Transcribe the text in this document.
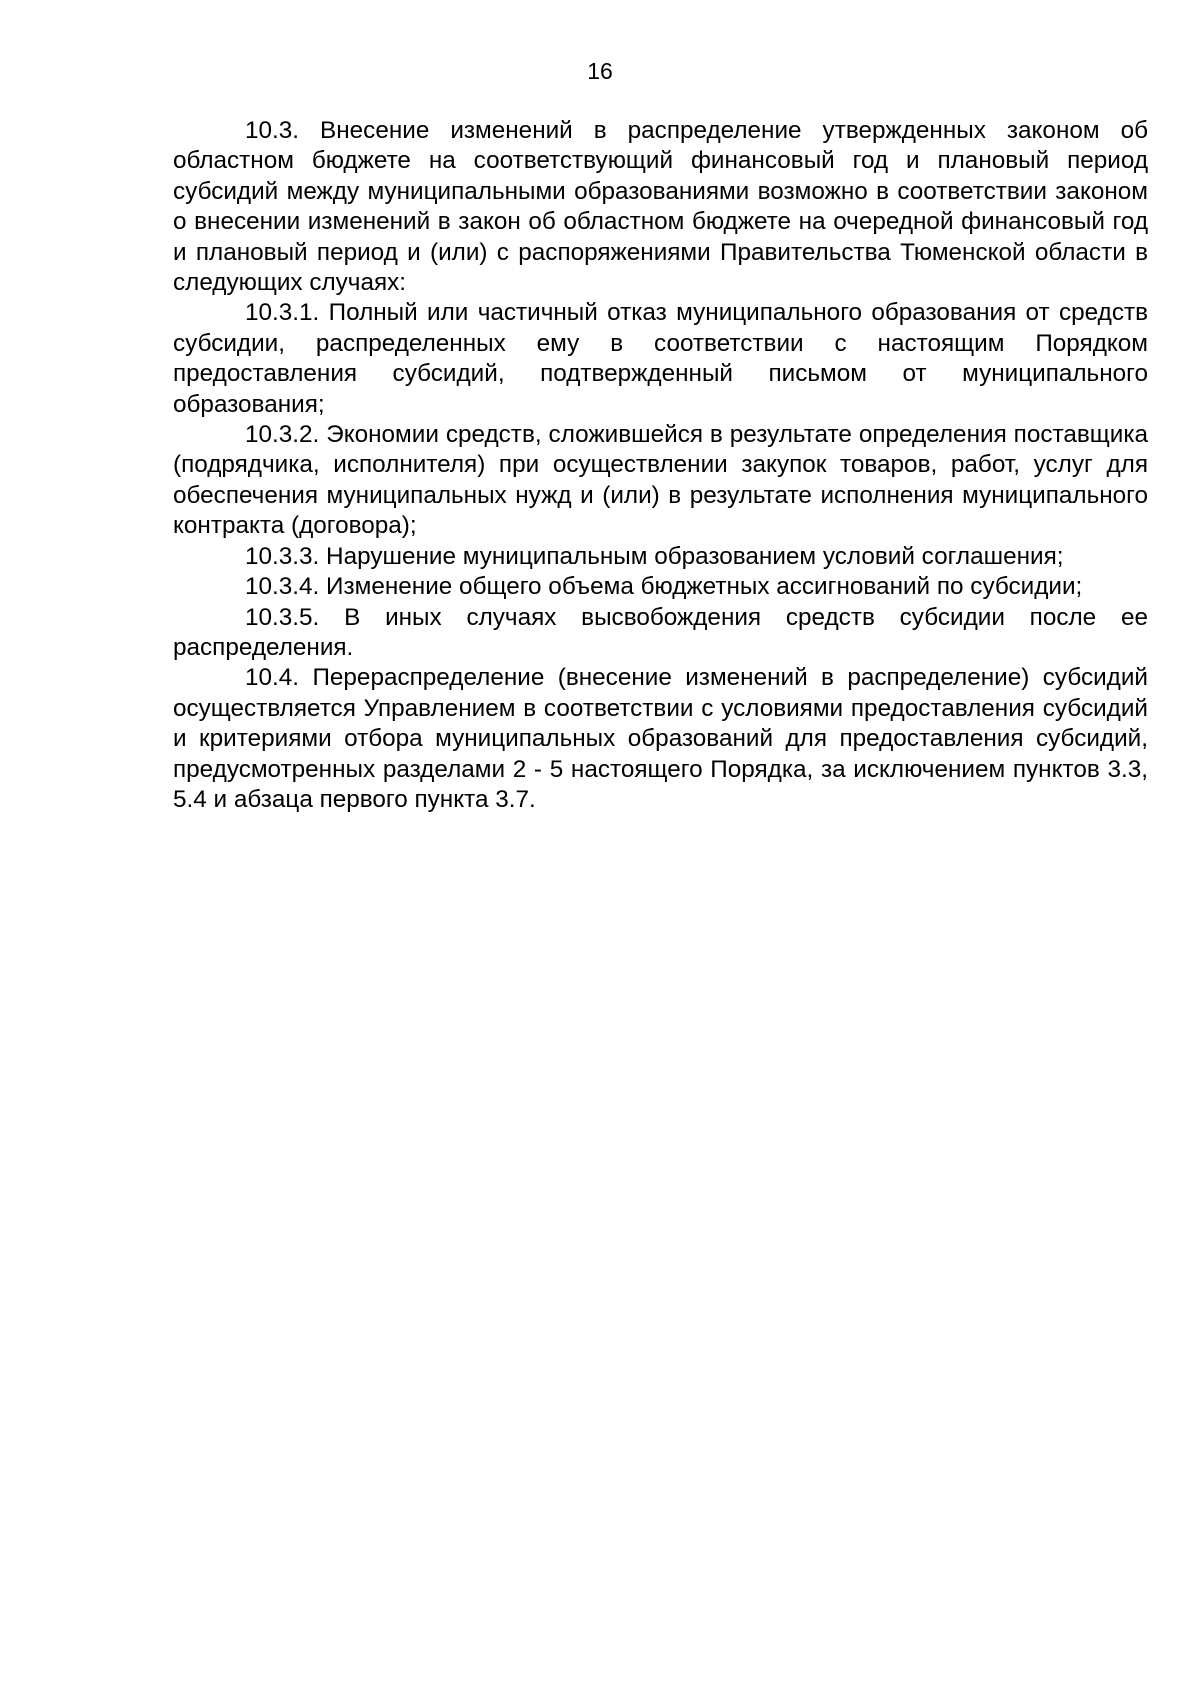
16

10.3. Внесение изменений в распределение утвержденных законом об областном бюджете на соответствующий финансовый год и плановый период субсидий между муниципальными образованиями возможно в соответствии законом о внесении изменений в закон об областном бюджете на очередной финансовый год и плановый период и (или) с распоряжениями Правительства Тюменской области в следующих случаях:

10.3.1. Полный или частичный отказ муниципального образования от средств субсидии, распределенных ему в соответствии с настоящим Порядком предоставления субсидий, подтвержденный письмом от муниципального образования;

10.3.2. Экономии средств, сложившейся в результате определения поставщика (подрядчика, исполнителя) при осуществлении закупок товаров, работ, услуг для обеспечения муниципальных нужд и (или) в результате исполнения муниципального контракта (договора);

10.3.3. Нарушение муниципальным образованием условий соглашения;

10.3.4. Изменение общего объема бюджетных ассигнований по субсидии;

10.3.5. В иных случаях высвобождения средств субсидии после ее распределения.

10.4. Перераспределение (внесение изменений в распределение) субсидий осуществляется Управлением в соответствии с условиями предоставления субсидий и критериями отбора муниципальных образований для предоставления субсидий, предусмотренных разделами 2 - 5 настоящего Порядка, за исключением пунктов 3.3, 5.4 и абзаца первого пункта 3.7.
